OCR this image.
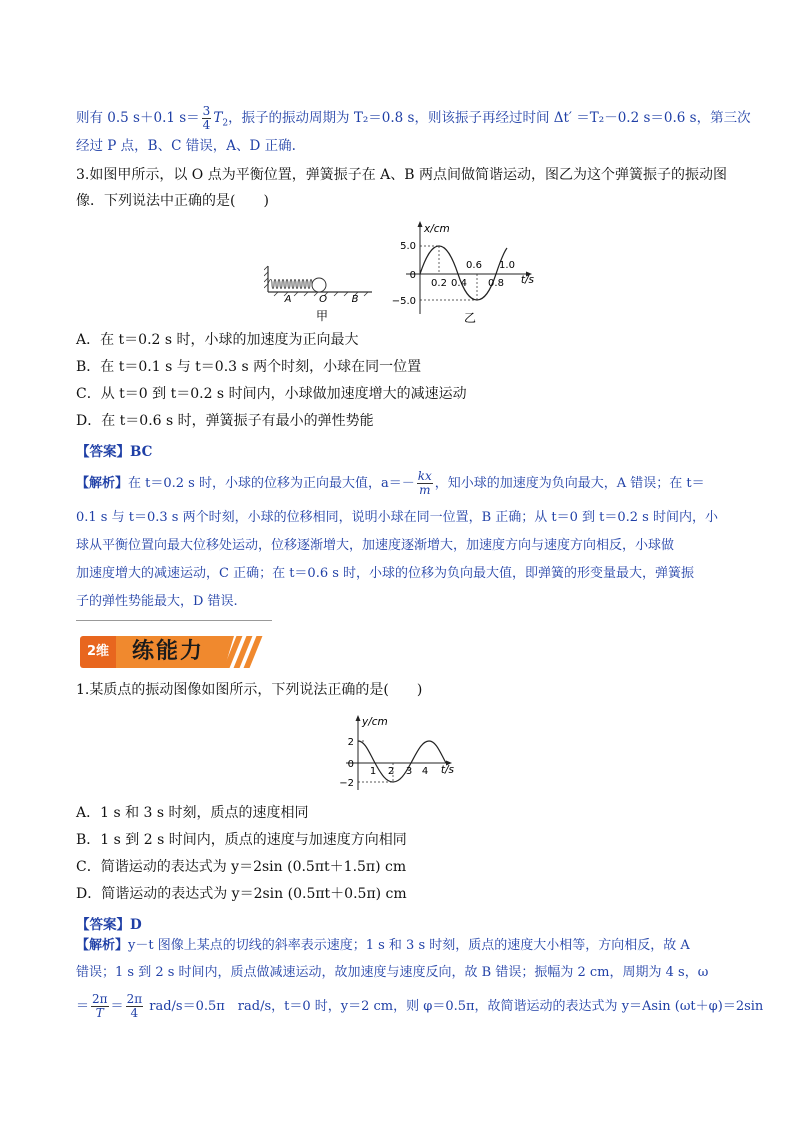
则有 0.5 s＋0.1 $s= \frac{3}{4} T_2$，振子的振动周期为 T₂＝0.8 s，则该振子再经过时间 Δt′ ＝T₂－0.2 s＝0.6 s，第三次
经过 P 点，B、C 错误，A、D 正确.
3.如图甲所示，以 O 点为平衡位置，弹簧振子在 A、B 两点间做简谐运动，图乙为这个弹簧振子的振动图
像．下列说法中正确的是(　　)
A	O B
甲
x/cm
t/s
5.0
0
−5.0
0.2 0.4
0.6
0.8
1.0
乙
A．在 t＝0.2 s 时，小球的加速度为正向最大
B．在 t＝0.1 s 与 t＝0.3 s 两个时刻，小球在同一位置
C．从 t＝0 到 t＝0.2 s 时间内，小球做加速度增大的减速运动
D．在 t＝0.6 s 时，弹簧振子有最小的弹性势能
【答案】BC
【解析】在 t＝0.2 s 时，小球的位移为正向最大值，$a=- \frac{kx}{m}$ ，知小球的加速度为负向最大，A 错误；在 t＝
0.1 s 与 t＝0.3 s 两个时刻，小球的位移相同，说明小球在同一位置，B 正确；从 t＝0 到 t＝0.2 s 时间内，小
球从平衡位置向最大位移处运动，位移逐渐增大，加速度逐渐增大，加速度方向与速度方向相反，小球做
加速度增大的减速运动，C 正确；在 t＝0.6 s 时，小球的位移为负向最大值，即弹簧的形变量最大，弹簧振
子的弹性势能最大，D 错误.
2维	练能力
1.某质点的振动图像如图所示，下列说法正确的是(　　)
y/cm
t/s
2
0
−2
1 2 3 4
A．1 s 和 3 s 时刻，质点的速度相同
B．1 s 到 2 s 时间内，质点的速度与加速度方向相同
C．简谐运动的表达式为 y＝2sin (0.5πt＋1.5π) cm
D．简谐运动的表达式为 y＝2sin (0.5πt＋0.5π) cm
【答案】D
【解析】y－t 图像上某点的切线的斜率表示速度；1 s 和 3 s 时刻，质点的速度大小相等，方向相反，故 A
错误；1 s 到 2 s 时间内，质点做减速运动，故加速度与速度反向，故 B 错误；振幅为 2 cm，周期为 4 s，ω
＝ $\frac{2\pi}{T} = \frac{2\pi}{4} rad/s=0.5\pi$　rad/s，t＝0 时，y＝2 cm，则 φ＝0.5π，故简谐运动的表达式为 y＝Asin (ωt＋φ)＝2sin
